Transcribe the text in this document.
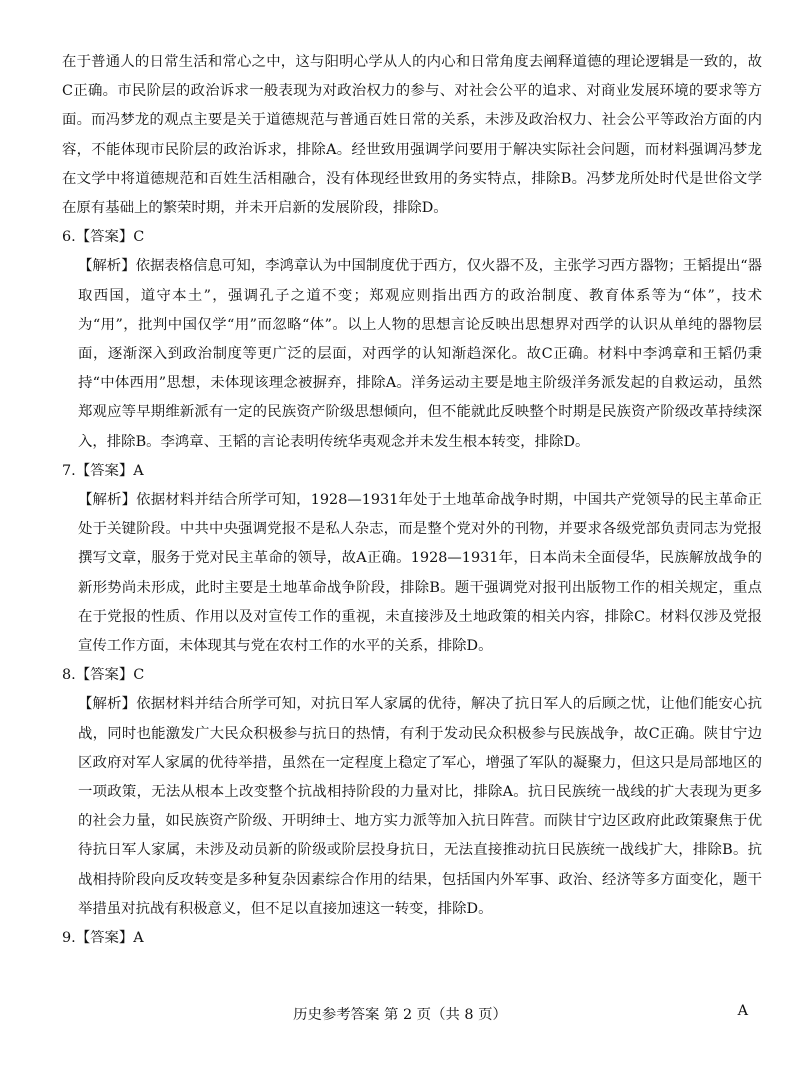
在于普通人的日常生活和常心之中，这与阳明心学从人的内心和日常角度去阐释道德的理论逻辑是一致的，故C正确。市民阶层的政治诉求一般表现为对政治权力的参与、对社会公平的追求、对商业发展环境的要求等方面。而冯梦龙的观点主要是关于道德规范与普通百姓日常的关系，未涉及政治权力、社会公平等政治方面的内容，不能体现市民阶层的政治诉求，排除A。经世致用强调学问要用于解决实际社会问题，而材料强调冯梦龙在文学中将道德规范和百姓生活相融合，没有体现经世致用的务实特点，排除B。冯梦龙所处时代是世俗文学在原有基础上的繁荣时期，并未开启新的发展阶段，排除D。

6. 【答案】C

【解析】依据表格信息可知，李鸿章认为中国制度优于西方，仅火器不及，主张学习西方器物；王韬提出“器取西国，道守本土”，强调孔子之道不变；郑观应则指出西方的政治制度、教育体系等为“体”，技术为“用”，批判中国仅学“用”而忽略“体”。以上人物的思想言论反映出思想界对西学的认识从单纯的器物层面，逐渐深入到政治制度等更广泛的层面，对西学的认知渐趋深化。故C正确。材料中李鸿章和王韬仍秉持“中体西用”思想，未体现该理念被摒弃，排除A。洋务运动主要是地主阶级洋务派发起的自救运动，虽然郑观应等早期维新派有一定的民族资产阶级思想倾向，但不能就此反映整个时期是民族资产阶级改革持续深入，排除B。李鸿章、王韬的言论表明传统华夷观念并未发生根本转变，排除D。

7. 【答案】A

【解析】依据材料并结合所学可知，1928—1931年处于土地革命战争时期，中国共产党领导的民主革命正处于关键阶段。中共中央强调党报不是私人杂志，而是整个党对外的刊物，并要求各级党部负责同志为党报撰写文章，服务于党对民主革命的领导，故A正确。1928—1931年，日本尚未全面侵华，民族解放战争的新形势尚未形成，此时主要是土地革命战争阶段，排除B。题干强调党对报刊出版物工作的相关规定，重点在于党报的性质、作用以及对宣传工作的重视，未直接涉及土地政策的相关内容，排除C。材料仅涉及党报宣传工作方面，未体现其与党在农村工作的水平的关系，排除D。

8. 【答案】C

【解析】依据材料并结合所学可知，对抗日军人家属的优待，解决了抗日军人的后顾之忧，让他们能安心抗战，同时也能激发广大民众积极参与抗日的热情，有利于发动民众积极参与民族战争，故C正确。陕甘宁边区政府对军人家属的优待举措，虽然在一定程度上稳定了军心，增强了军队的凝聚力，但这只是局部地区的一项政策，无法从根本上改变整个抗战相持阶段的力量对比，排除A。抗日民族统一战线的扩大表现为更多的社会力量，如民族资产阶级、开明绅士、地方实力派等加入抗日阵营。而陕甘宁边区政府此政策聚焦于优待抗日军人家属，未涉及动员新的阶级或阶层投身抗日，无法直接推动抗日民族统一战线扩大，排除B。抗战相持阶段向反攻转变是多种复杂因素综合作用的结果，包括国内外军事、政治、经济等多方面变化，题干举措虽对抗战有积极意义，但不足以直接加速这一转变，排除D。

9. 【答案】A

历史参考答案 第 2 页（共 8 页）	A
